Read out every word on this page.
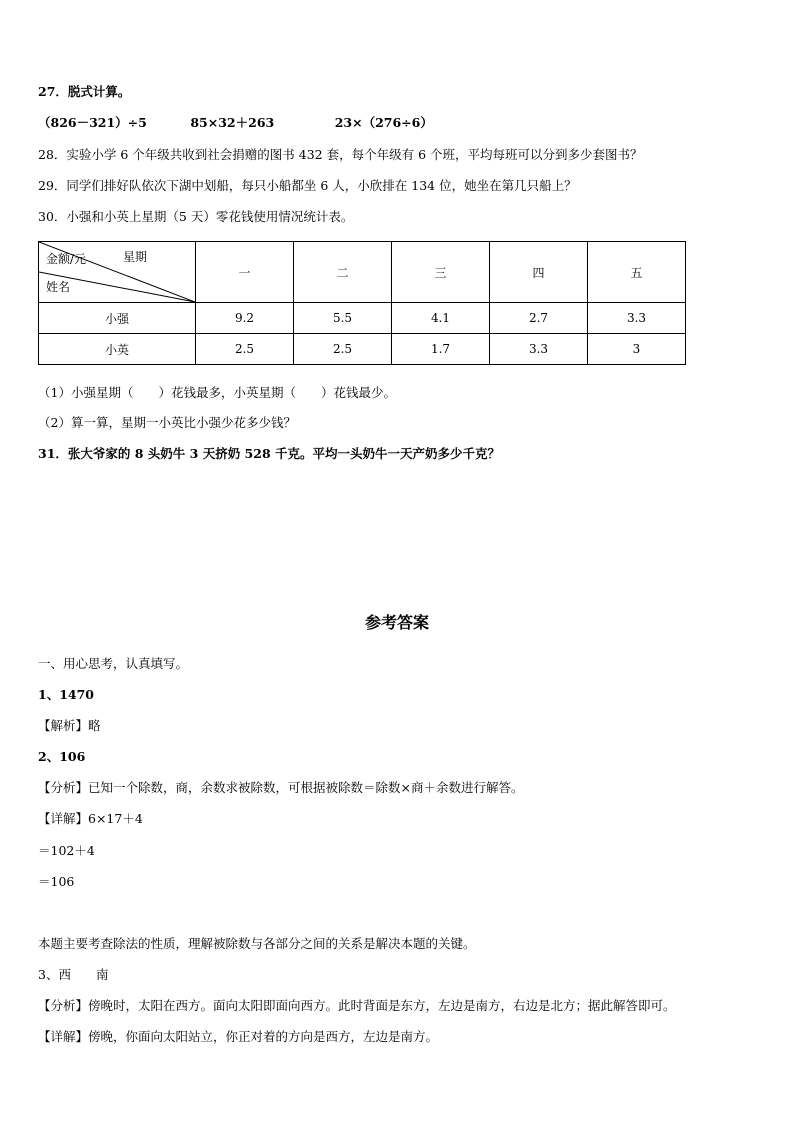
27．脱式计算。
（826－321）÷5	85×32＋263	23×（276÷6）
28．实验小学 6 个年级共收到社会捐赠的图书 432 套，每个年级有 6 个班，平均每班可以分到多少套图书？
29．同学们排好队依次下湖中划船，每只小船都坐 6 人，小欣排在 134 位，她坐在第几只船上？
30．小强和小英上星期（5 天）零花钱使用情况统计表。
金额/元 星期
姓名	一	二	三	四	五
小强	9.2	5.5	4.1	2.7	3.3
小英	2.5	2.5	1.7	3.3	3
（1）小强星期（　　）花钱最多，小英星期（　　）花钱最少。
（2）算一算，星期一小英比小强少花多少钱？
31．张大爷家的 8 头奶牛 3 天挤奶 528 千克。平均一头奶牛一天产奶多少千克？
参考答案
一、用心思考，认真填写。
1、1470
【解析】略
2、106
【分析】已知一个除数，商，余数求被除数，可根据被除数＝除数×商＋余数进行解答。
【详解】6×17＋4
＝102＋4
＝106
本题主要考查除法的性质，理解被除数与各部分之间的关系是解决本题的关键。
3、西　　南
【分析】傍晚时，太阳在西方。面向太阳即面向西方。此时背面是东方，左边是南方，右边是北方；据此解答即可。
【详解】傍晚，你面向太阳站立，你正对着的方向是西方，左边是南方。
